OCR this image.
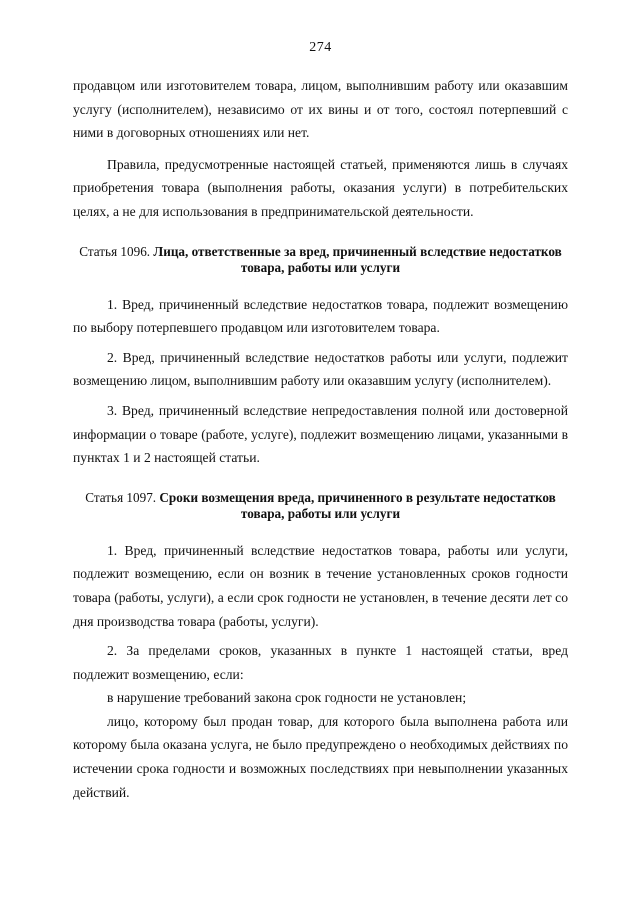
274

продавцом или изготовителем товара, лицом, выполнившим работу или оказавшим услугу (исполнителем), независимо от их вины и от того, состоял потерпевший с ними в договорных отношениях или нет.

Правила, предусмотренные настоящей статьей, применяются лишь в случаях приобретения товара (выполнения работы, оказания услуги) в потребительских целях, а не для использования в предпринимательской деятельности.

Статья 1096. Лица, ответственные за вред, причиненный вследствие недостатков товара, работы или услуги

1. Вред, причиненный вследствие недостатков товара, подлежит возмещению по выбору потерпевшего продавцом или изготовителем товара.

2. Вред, причиненный вследствие недостатков работы или услуги, подлежит возмещению лицом, выполнившим работу или оказавшим услугу (исполнителем).

3. Вред, причиненный вследствие непредоставления полной или достоверной информации о товаре (работе, услуге), подлежит возмещению лицами, указанными в пунктах 1 и 2 настоящей статьи.

Статья 1097. Сроки возмещения вреда, причиненного в результате недостатков товара, работы или услуги

1. Вред, причиненный вследствие недостатков товара, работы или услуги, подлежит возмещению, если он возник в течение установленных сроков годности товара (работы, услуги), а если срок годности не установлен, в течение десяти лет со дня производства товара (работы, услуги).

2. За пределами сроков, указанных в пункте 1 настоящей статьи, вред подлежит возмещению, если:

в нарушение требований закона срок годности не установлен;

лицо, которому был продан товар, для которого была выполнена работа или которому была оказана услуга, не было предупреждено о необходимых действиях по истечении срока годности и возможных последствиях при невыполнении указанных действий.
